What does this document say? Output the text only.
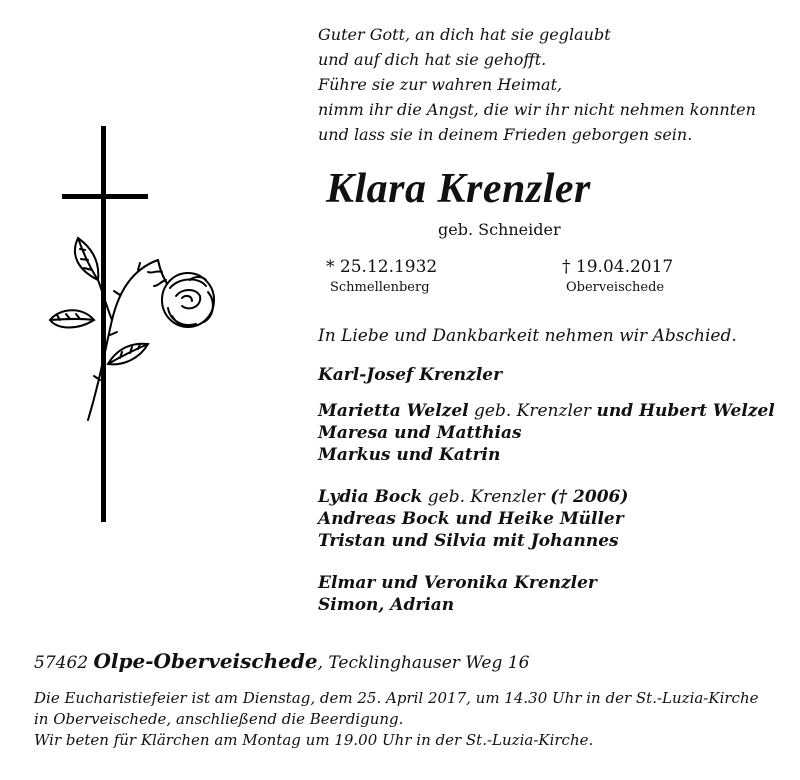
Guter Gott, an dich hat sie geglaubt
und auf dich hat sie gehofft.
Führe sie zur wahren Heimat,
nimm ihr die Angst, die wir ihr nicht nehmen konnten
und lass sie in deinem Frieden geborgen sein.
Klara Krenzler
geb. Schneider
* 25.12.1932
Schmellenberg
† 19.04.2017
Oberveischede
In Liebe und Dankbarkeit nehmen wir Abschied.
Karl-Josef Krenzler
Marietta Welzel geb. Krenzler und Hubert Welzel
Maresa und Matthias
Markus und Katrin
Lydia Bock geb. Krenzler († 2006)
Andreas Bock und Heike Müller
Tristan und Silvia mit Johannes
Elmar und Veronika Krenzler
Simon, Adrian
57462 Olpe-Oberveischede, Tecklinghauser Weg 16
Die Eucharistiefeier ist am Dienstag, dem 25. April 2017, um 14.30 Uhr in der St.-Luzia-Kirche
in Oberveischede, anschließend die Beerdigung.
Wir beten für Klärchen am Montag um 19.00 Uhr in der St.-Luzia-Kirche.
